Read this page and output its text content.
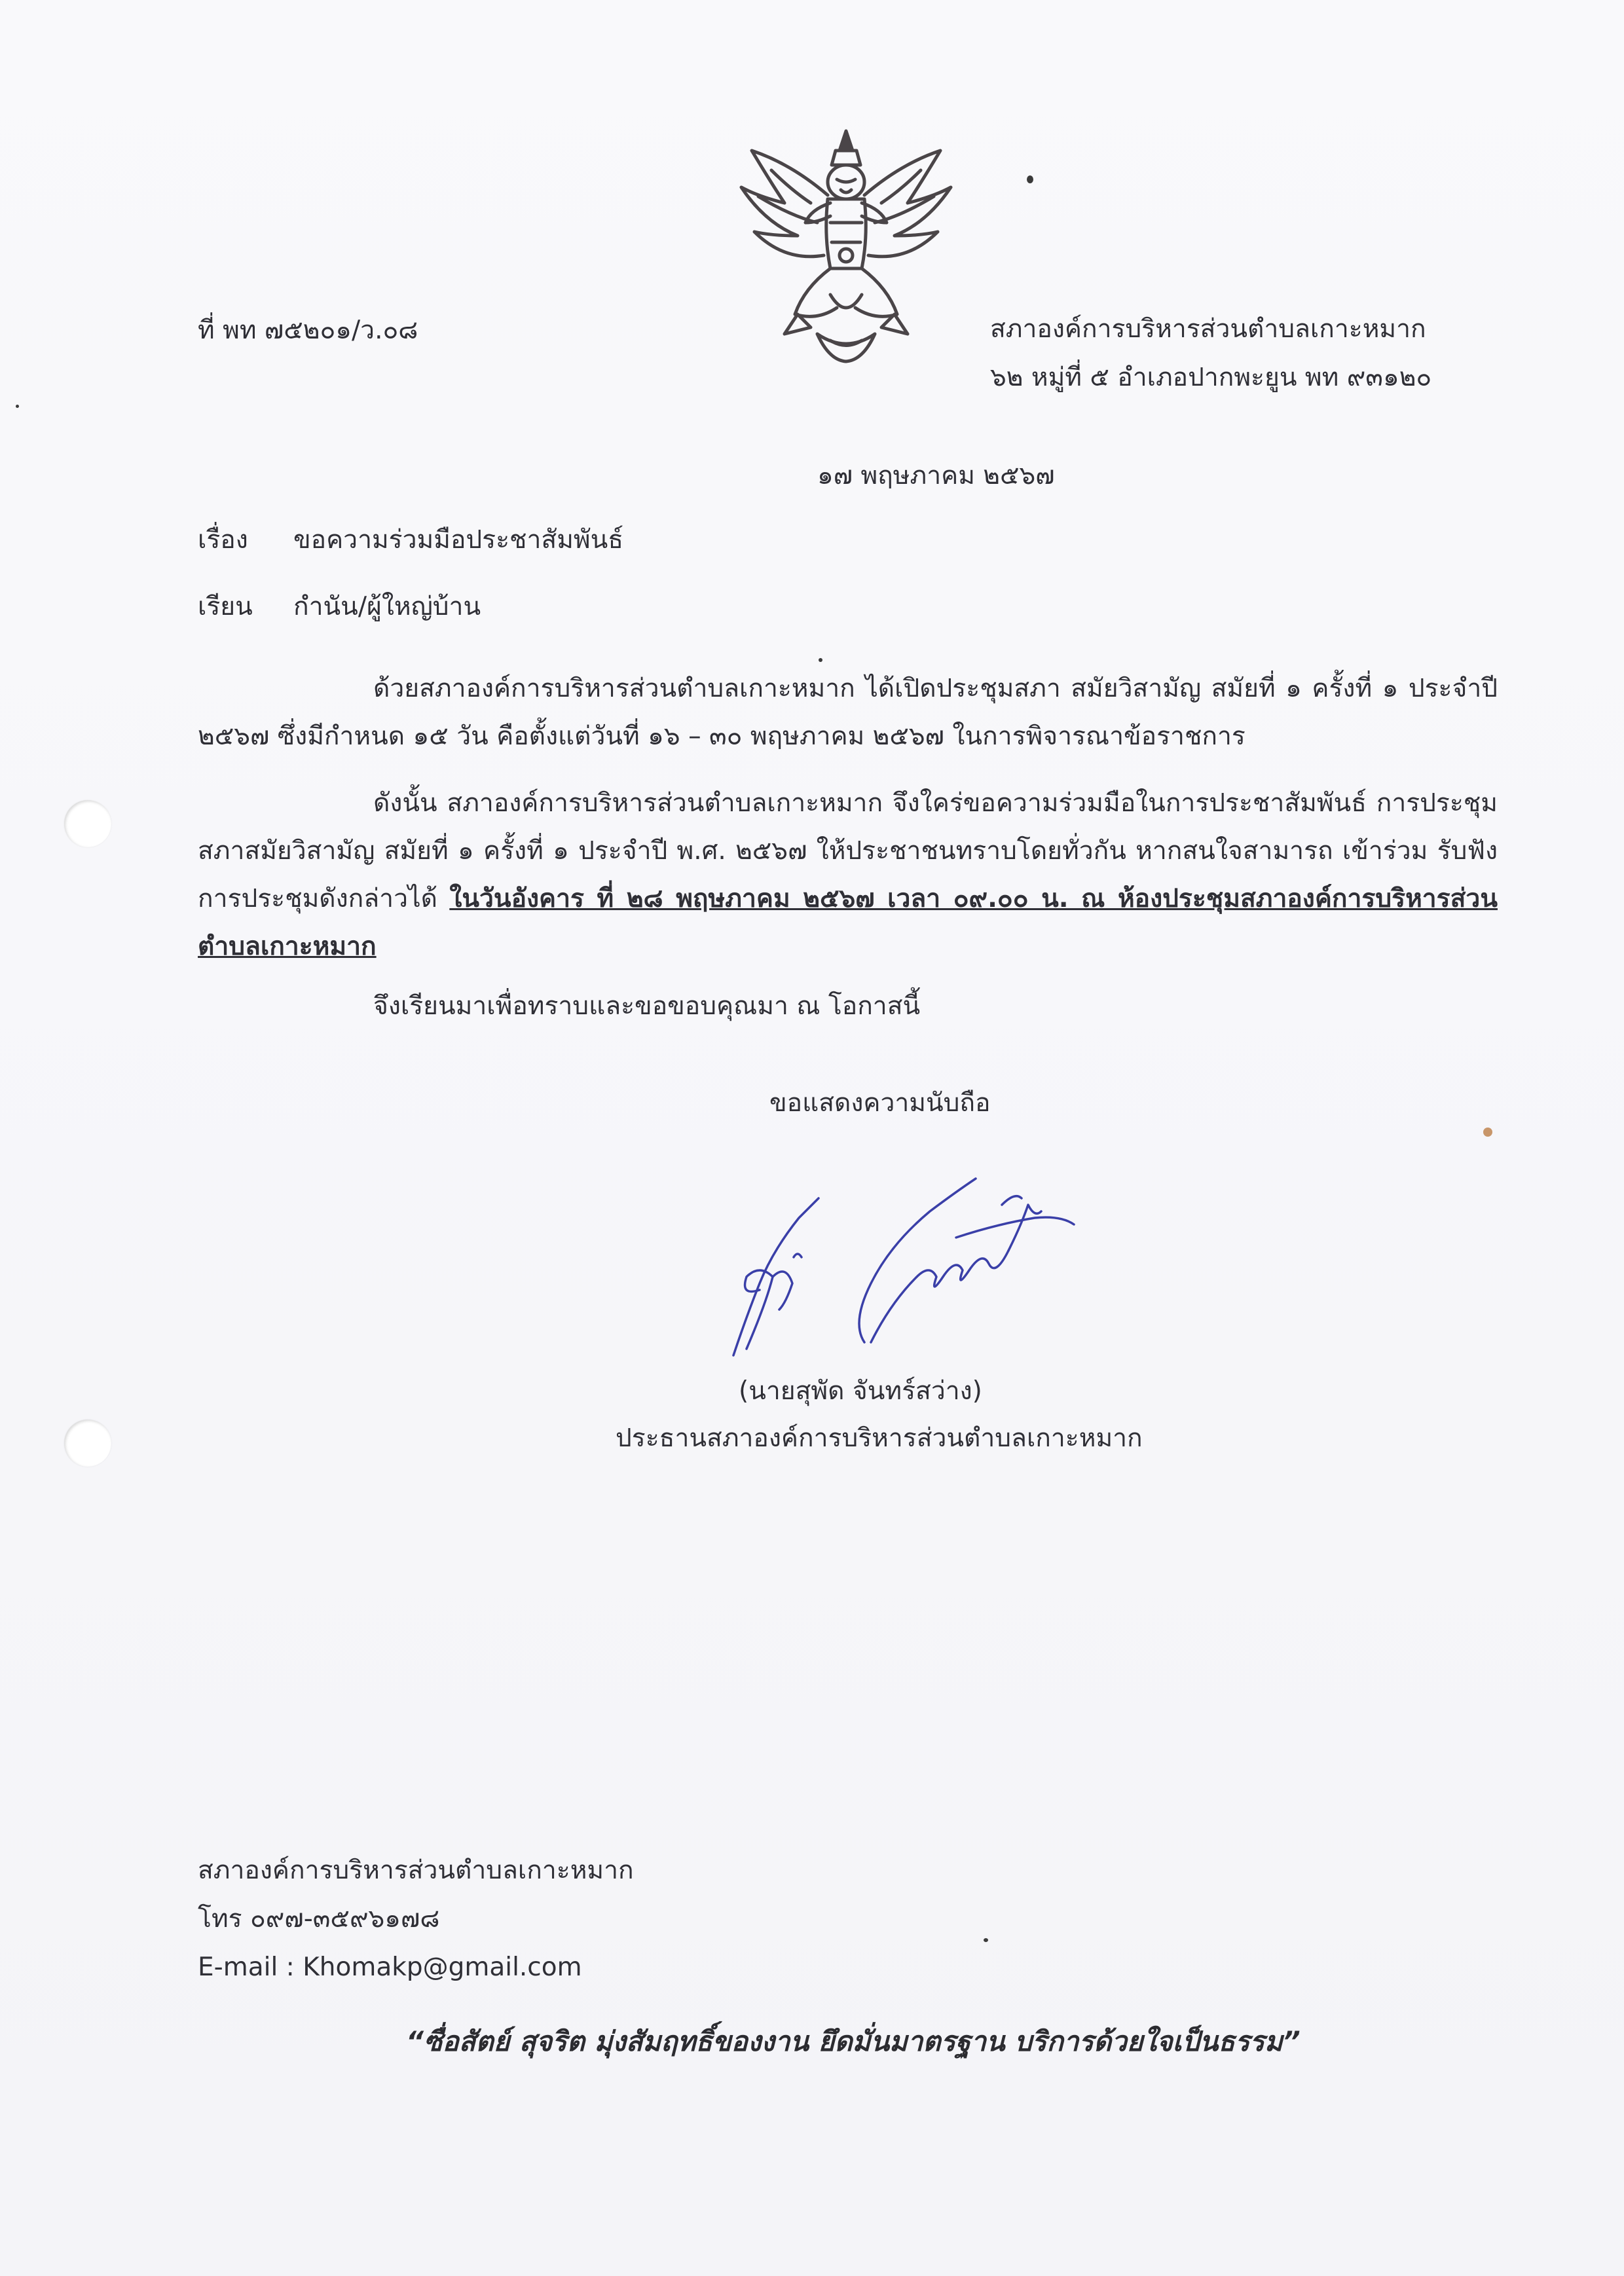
ที่ พท ๗๕๒๐๑/ว.๐๘	สภาองค์การบริหารส่วนตำบลเกาะหมาก
๖๒ หมู่ที่ ๕ อำเภอปากพะยูน พท ๙๓๑๒๐
๑๗ พฤษภาคม ๒๕๖๗
เรื่อง ขอความร่วมมือประชาสัมพันธ์
เรียน กำนัน/ผู้ใหญ่บ้าน
ด้วยสภาองค์การบริหารส่วนตำบลเกาะหมาก ได้เปิดประชุมสภา สมัยวิสามัญ สมัยที่ ๑ ครั้งที่ ๑ ประจำปี ๒๕๖๗ ซึ่งมีกำหนด ๑๕ วัน คือตั้งแต่วันที่ ๑๖ – ๓๐ พฤษภาคม ๒๕๖๗ ในการพิจารณาข้อราชการ
ดังนั้น สภาองค์การบริหารส่วนตำบลเกาะหมาก จึงใคร่ขอความร่วมมือในการประชาสัมพันธ์ การประชุมสภาสมัยวิสามัญ สมัยที่ ๑ ครั้งที่ ๑ ประจำปี พ.ศ. ๒๕๖๗ ให้ประชาชนทราบโดยทั่วกัน หากสนใจสามารถ เข้าร่วม รับฟังการประชุมดังกล่าวได้ ในวันอังคาร ที่ ๒๘ พฤษภาคม ๒๕๖๗ เวลา ๐๙.๐๐ น. ณ ห้องประชุมสภาองค์การบริหารส่วนตำบลเกาะหมาก
จึงเรียนมาเพื่อทราบและขอขอบคุณมา ณ โอกาสนี้
ขอแสดงความนับถือ
(นายสุพัด จันทร์สว่าง)
ประธานสภาองค์การบริหารส่วนตำบลเกาะหมาก
สภาองค์การบริหารส่วนตำบลเกาะหมาก
โทร ๐๙๗-๓๕๙๖๑๗๘
E-mail : Khomakp@gmail.com
“ซื่อสัตย์ สุจริต มุ่งสัมฤทธิ์ของงาน ยึดมั่นมาตรฐาน บริการด้วยใจเป็นธรรม”
